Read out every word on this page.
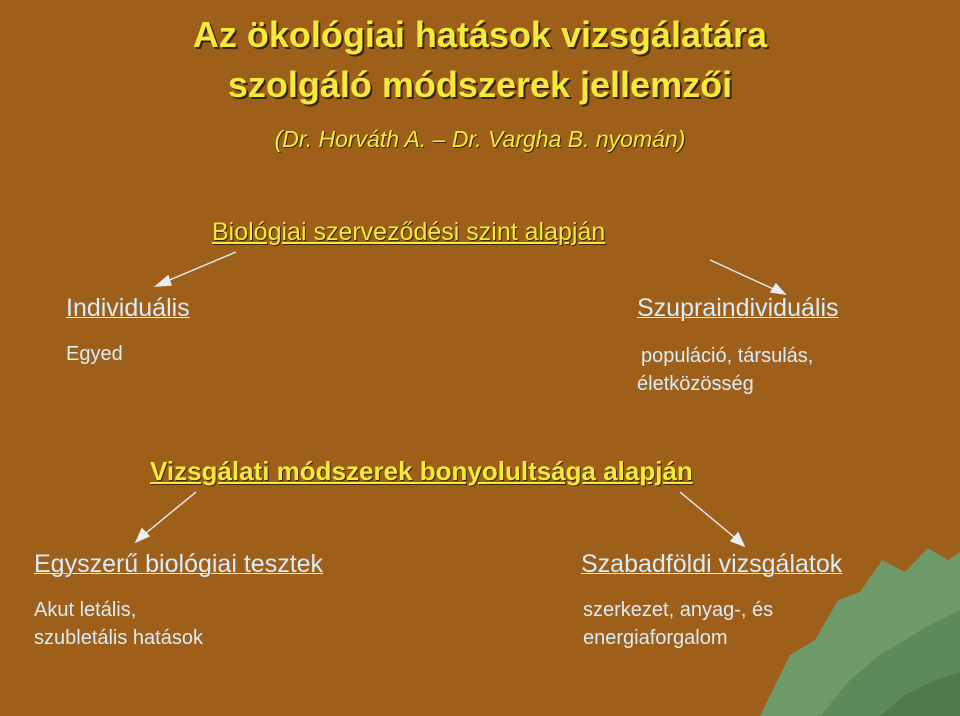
Az ökológiai hatások vizsgálatára
szolgáló módszerek jellemzői
(Dr. Horváth A. – Dr. Vargha B. nyomán)
Biológiai szerveződési szint alapján
Individuális
Egyed
Szupraindividuális
populáció, társulás,
életközösség
Vizsgálati módszerek bonyolultsága alapján
Egyszerű biológiai tesztek
Akut letális,
szubletális hatások
Szabadföldi vizsgálatok
szerkezet, anyag-, és
energiaforgalom
